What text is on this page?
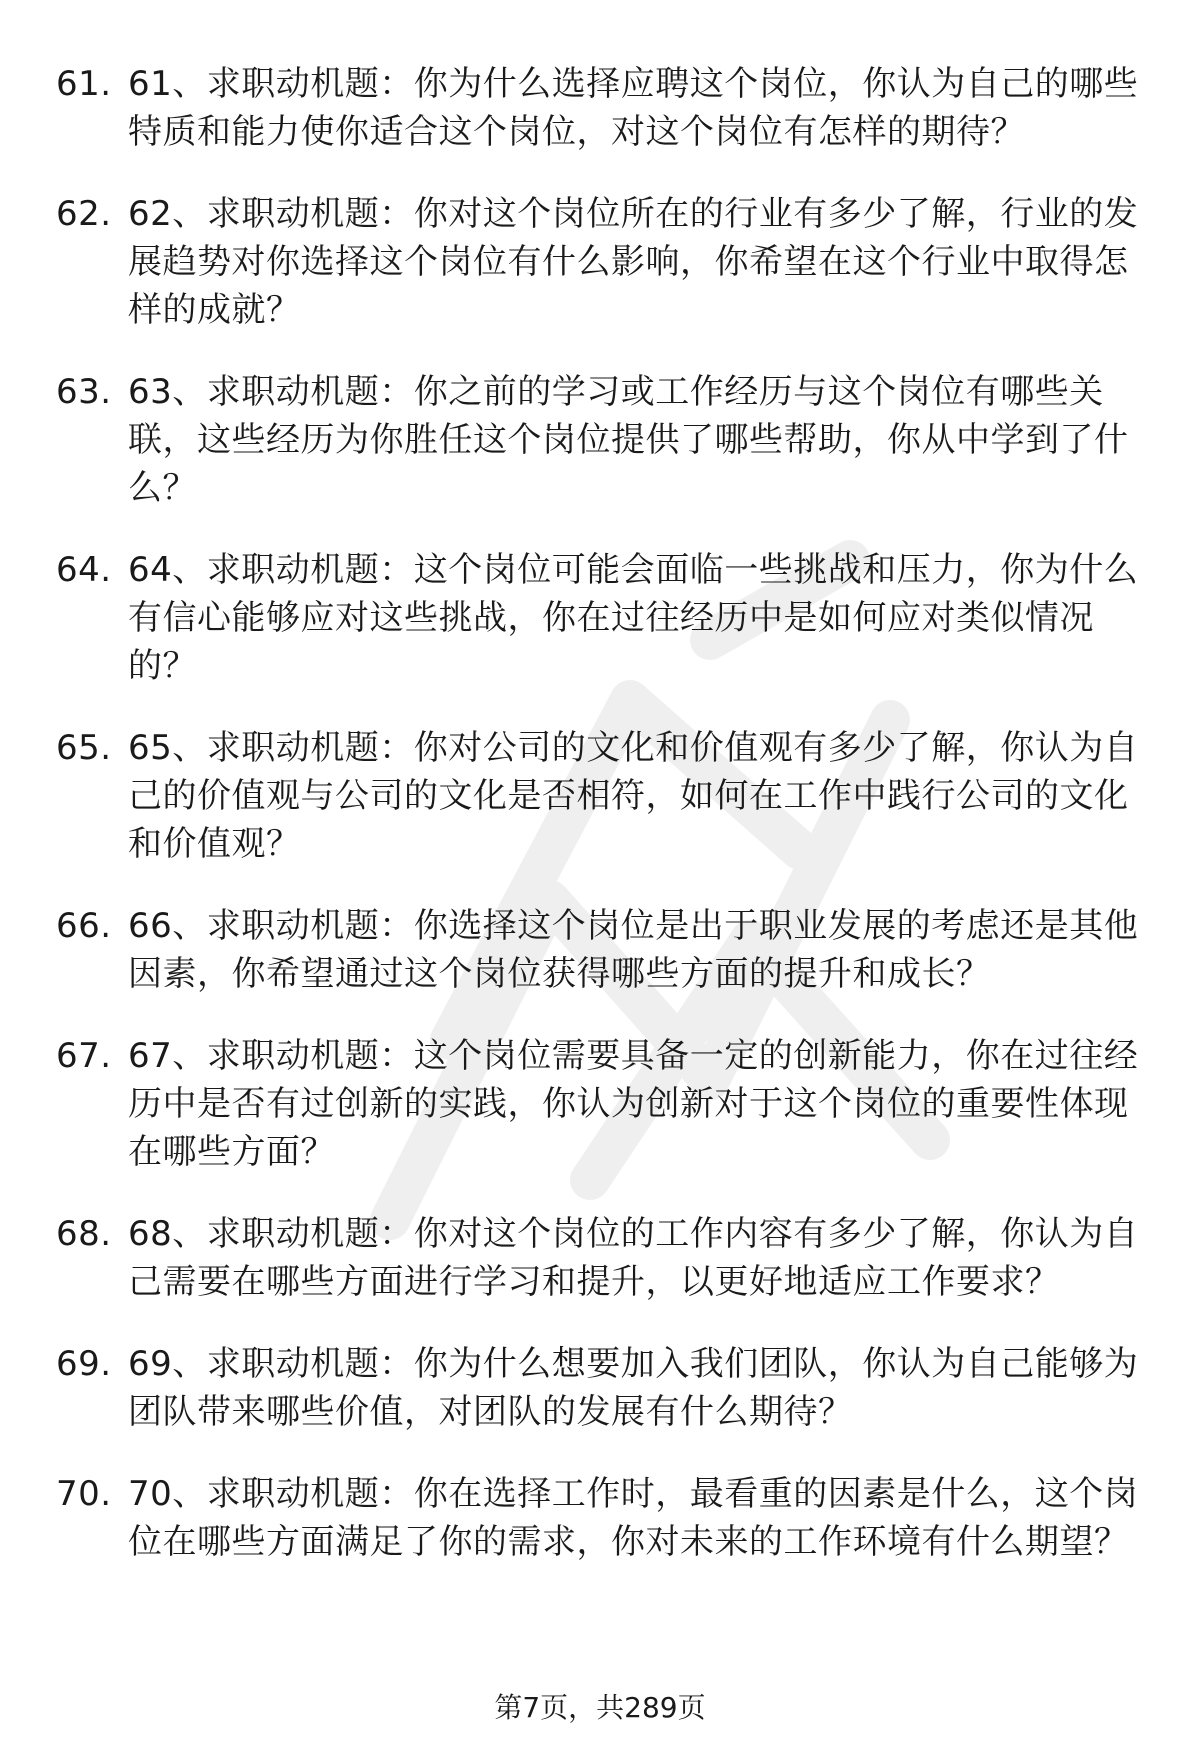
61. 61、求职动机题：你为什么选择应聘这个岗位，你认为自己的哪些特质和能力使你适合这个岗位，对这个岗位有怎样的期待？
62. 62、求职动机题：你对这个岗位所在的行业有多少了解，行业的发展趋势对你选择这个岗位有什么影响，你希望在这个行业中取得怎样的成就？
63. 63、求职动机题：你之前的学习或工作经历与这个岗位有哪些关联，这些经历为你胜任这个岗位提供了哪些帮助，你从中学到了什么？
64. 64、求职动机题：这个岗位可能会面临一些挑战和压力，你为什么有信心能够应对这些挑战，你在过往经历中是如何应对类似情况的？
65. 65、求职动机题：你对公司的文化和价值观有多少了解，你认为自己的价值观与公司的文化是否相符，如何在工作中践行公司的文化和价值观？
66. 66、求职动机题：你选择这个岗位是出于职业发展的考虑还是其他因素，你希望通过这个岗位获得哪些方面的提升和成长？
67. 67、求职动机题：这个岗位需要具备一定的创新能力，你在过往经历中是否有过创新的实践，你认为创新对于这个岗位的重要性体现在哪些方面？
68. 68、求职动机题：你对这个岗位的工作内容有多少了解，你认为自己需要在哪些方面进行学习和提升，以更好地适应工作要求？
69. 69、求职动机题：你为什么想要加入我们团队，你认为自己能够为团队带来哪些价值，对团队的发展有什么期待？
70. 70、求职动机题：你在选择工作时，最看重的因素是什么，这个岗位在哪些方面满足了你的需求，你对未来的工作环境有什么期望？
第7页，共289页
